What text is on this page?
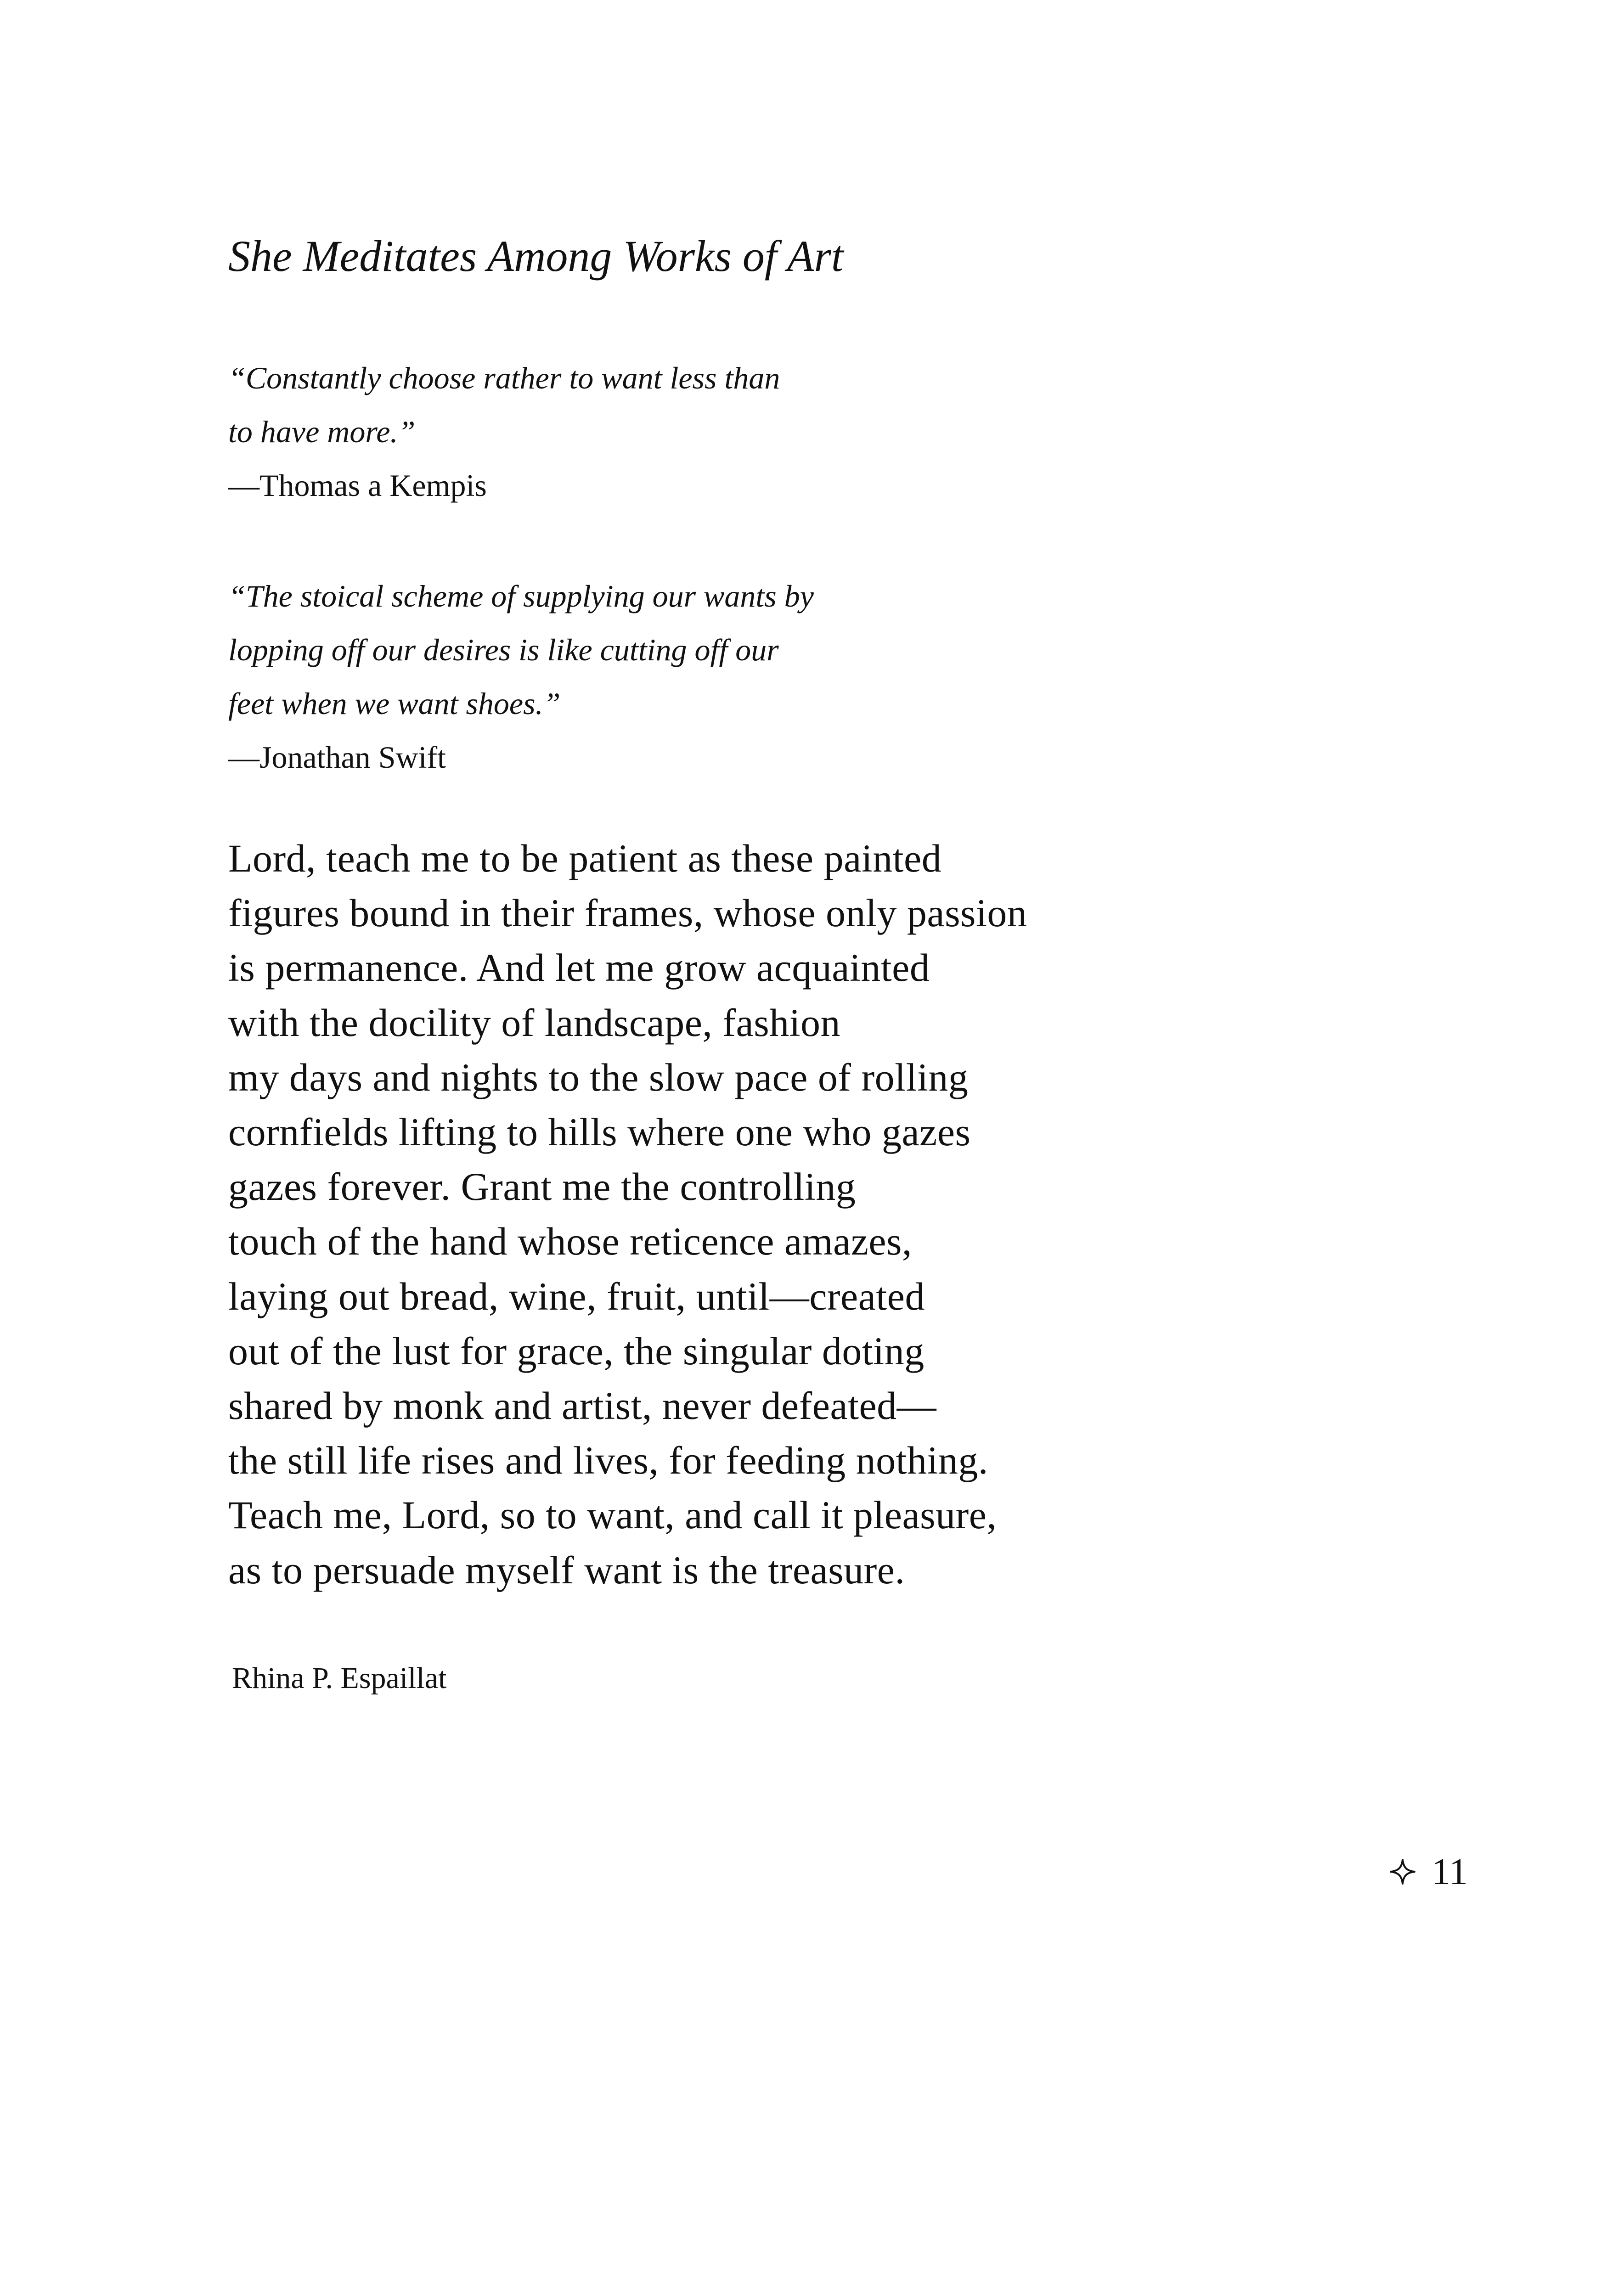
She Meditates Among Works of Art
“Constantly choose rather to want less than
to have more.”
—Thomas a Kempis
“The stoical scheme of supplying our wants by
lopping off our desires is like cutting off our
feet when we want shoes.”
—Jonathan Swift
Lord, teach me to be patient as these painted
figures bound in their frames, whose only passion
is permanence. And let me grow acquainted
with the docility of landscape, fashion
my days and nights to the slow pace of rolling
cornfields lifting to hills where one who gazes
gazes forever. Grant me the controlling
touch of the hand whose reticence amazes,
laying out bread, wine, fruit, until—created
out of the lust for grace, the singular doting
shared by monk and artist, never defeated—
the still life rises and lives, for feeding nothing.
Teach me, Lord, so to want, and call it pleasure,
as to persuade myself want is the treasure.
Rhina P. Espaillat
11
